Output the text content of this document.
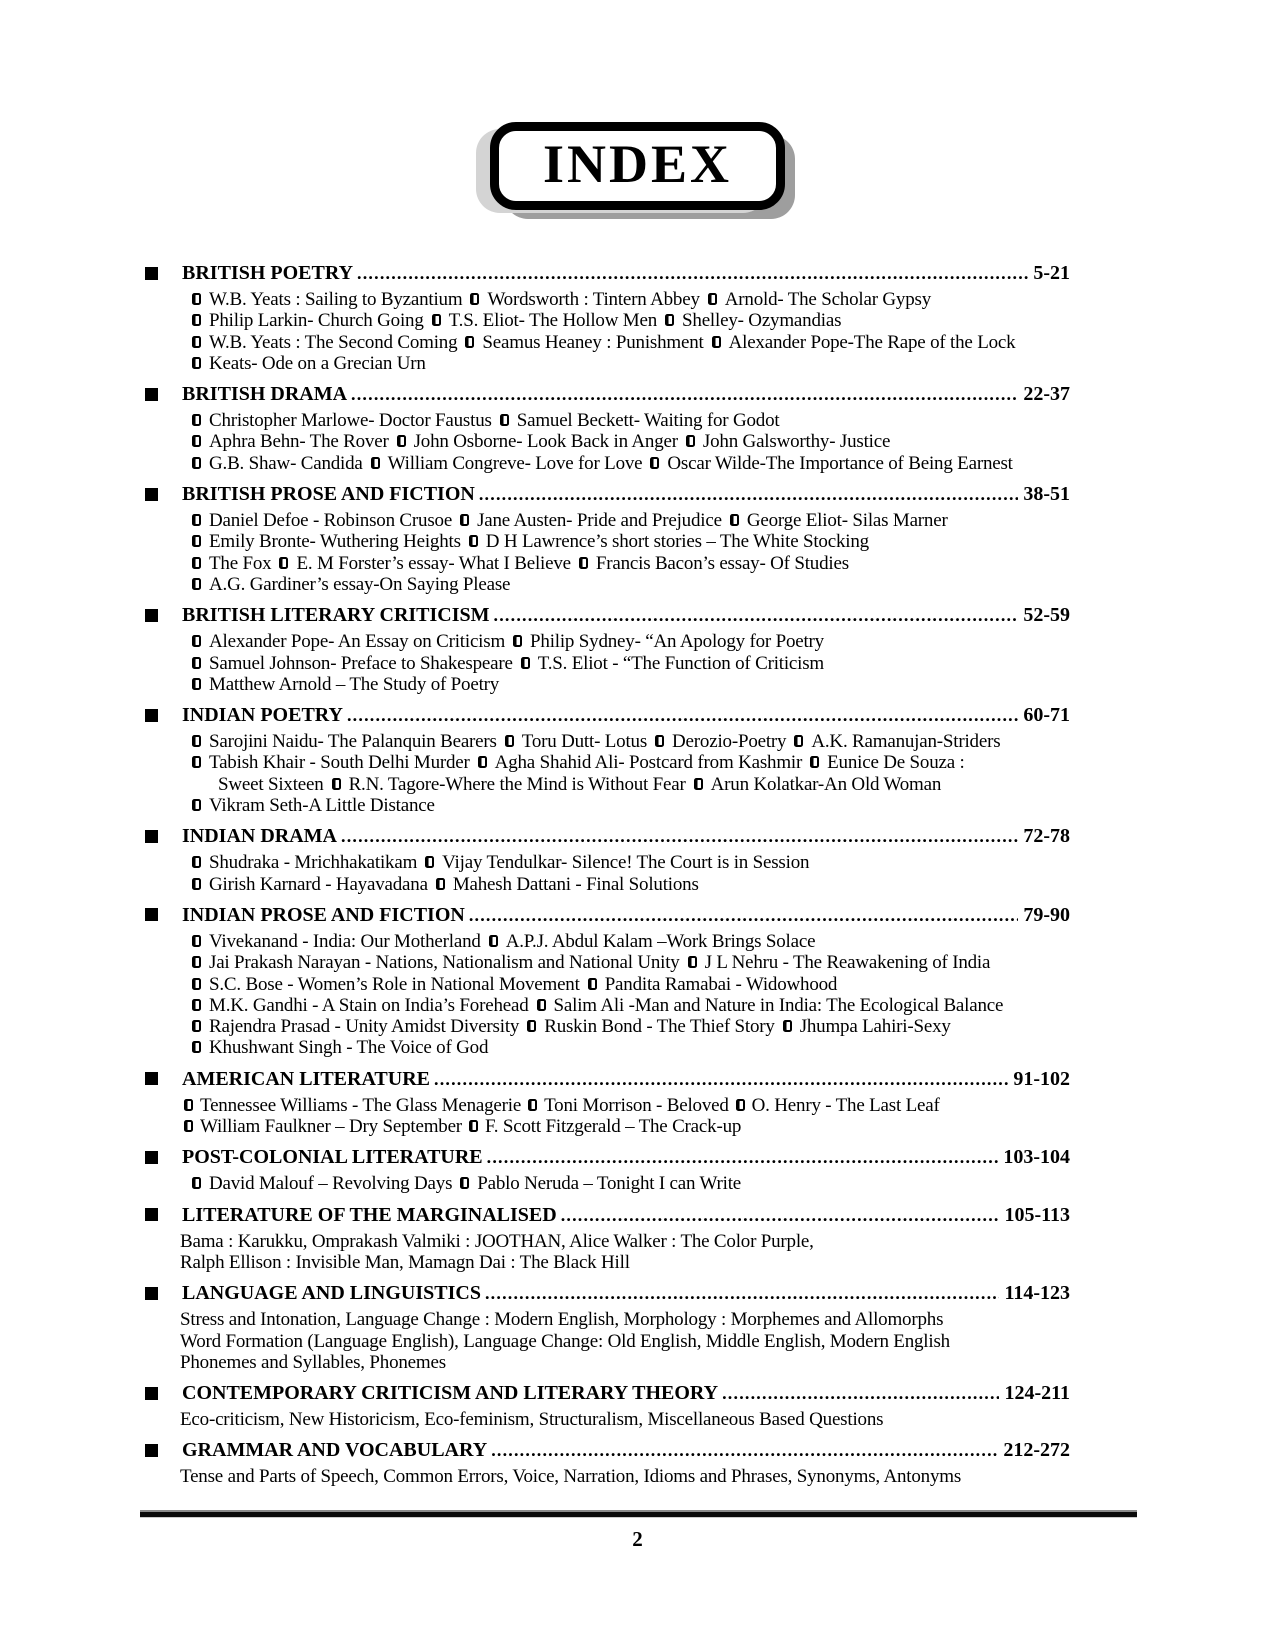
INDEX
BRITISH POETRY .....	5-21
W.B. Yeats : Sailing to Byzantium Wordsworth : Tintern Abbey Arnold- The Scholar Gypsy
Philip Larkin- Church Going T.S. Eliot- The Hollow Men Shelley- Ozymandias
W.B. Yeats : The Second Coming Seamus Heaney : Punishment Alexander Pope-The Rape of the Lock
Keats- Ode on a Grecian Urn
BRITISH DRAMA .....	22-37
Christopher Marlowe- Doctor Faustus Samuel Beckett- Waiting for Godot
Aphra Behn- The Rover John Osborne- Look Back in Anger John Galsworthy- Justice
G.B. Shaw- Candida William Congreve- Love for Love Oscar Wilde-The Importance of Being Earnest
BRITISH PROSE AND FICTION .....	38-51
Daniel Defoe - Robinson Crusoe Jane Austen- Pride and Prejudice George Eliot- Silas Marner
Emily Bronte- Wuthering Heights D H Lawrence’s short stories – The White Stocking
The Fox E. M Forster’s essay- What I Believe Francis Bacon’s essay- Of Studies
A.G. Gardiner’s essay-On Saying Please
BRITISH LITERARY CRITICISM .....	52-59
Alexander Pope- An Essay on Criticism Philip Sydney- “An Apology for Poetry
Samuel Johnson- Preface to Shakespeare T.S. Eliot - “The Function of Criticism
Matthew Arnold – The Study of Poetry
INDIAN POETRY .....	60-71
Sarojini Naidu- The Palanquin Bearers Toru Dutt- Lotus Derozio-Poetry A.K. Ramanujan-Striders
Tabish Khair - South Delhi Murder Agha Shahid Ali- Postcard from Kashmir Eunice De Souza :
Sweet Sixteen R.N. Tagore-Where the Mind is Without Fear Arun Kolatkar-An Old Woman
Vikram Seth-A Little Distance
INDIAN DRAMA .....	72-78
Shudraka - Mrichhakatikam Vijay Tendulkar- Silence! The Court is in Session
Girish Karnard - Hayavadana Mahesh Dattani - Final Solutions
INDIAN PROSE AND FICTION .....	79-90
Vivekanand - India: Our Motherland A.P.J. Abdul Kalam –Work Brings Solace
Jai Prakash Narayan - Nations, Nationalism and National Unity J L Nehru - The Reawakening of India
S.C. Bose - Women’s Role in National Movement Pandita Ramabai - Widowhood
M.K. Gandhi - A Stain on India’s Forehead Salim Ali -Man and Nature in India: The Ecological Balance
Rajendra Prasad - Unity Amidst Diversity Ruskin Bond - The Thief Story Jhumpa Lahiri-Sexy
Khushwant Singh - The Voice of God
AMERICAN LITERATURE .....	91-102
Tennessee Williams - The Glass Menagerie Toni Morrison - Beloved O. Henry - The Last Leaf
William Faulkner – Dry September F. Scott Fitzgerald – The Crack-up
POST-COLONIAL LITERATURE .....	103-104
David Malouf – Revolving Days Pablo Neruda – Tonight I can Write
LITERATURE OF THE MARGINALISED .....	105-113
Bama : Karukku, Omprakash Valmiki : JOOTHAN, Alice Walker : The Color Purple,
Ralph Ellison : Invisible Man, Mamagn Dai : The Black Hill
LANGUAGE AND LINGUISTICS .....	114-123
Stress and Intonation, Language Change : Modern English, Morphology : Morphemes and Allomorphs
Word Formation (Language English), Language Change: Old English, Middle English, Modern English
Phonemes and Syllables, Phonemes
CONTEMPORARY CRITICISM AND LITERARY THEORY .....	124-211
Eco-criticism, New Historicism, Eco-feminism, Structuralism, Miscellaneous Based Questions
GRAMMAR AND VOCABULARY .....	212-272
Tense and Parts of Speech, Common Errors, Voice, Narration, Idioms and Phrases, Synonyms, Antonyms
2
